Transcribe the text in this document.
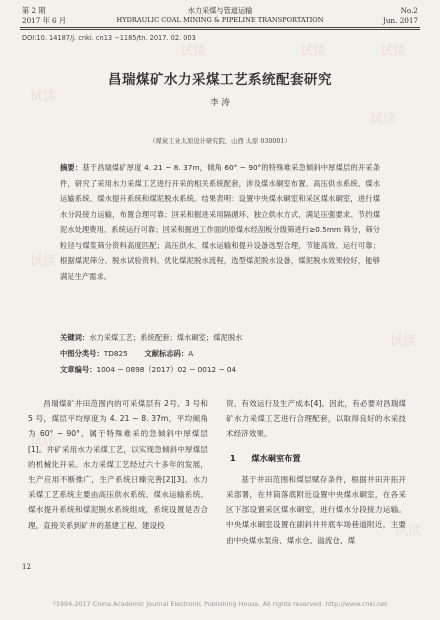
第 2 期
2017 年 6 月
水力采煤与管道运输
HYDRAULIC COAL MINING & PIPELINE TRANSPORTATION
No.2
Jun. 2017
DOI:10. 14187/j. cnki. cn13 −1185/tn. 2017. 02. 003
试读	试读	试读
试读
试读
试读
试读
试读
试读
昌瑞煤矿水力采煤工艺系统配套研究
李 涛
（煤炭工业太原设计研究院，山西 太原 030001）
摘要：基于昌瑞煤矿厚度 4. 21 ~ 8. 37m，倾角 60° ~ 90°的特殊难采急倾斜中厚煤层的开采条件，研究了采用水力采煤工艺进行开采的相关系统配套，涉及煤水硐室布置、高压供水系统、煤水运输系统、煤水提升系统和煤泥脱水系统。结果表明：设置中央煤水硐室和采区煤水硐室，进行煤水分段接力运输，布置合理可靠；回采和掘进采用隔循环、独立供水方式，满足压强要求、节约煤泥水处理费用、系统运行可靠；回采和掘进工作面的原煤水经刮板分级筛进行≥0.5mm 筛分，筛分粒径与煤浆筛分资料高度匹配；高压供水、煤水运输和提升设备选型合理，节能高效、运行可靠；根据煤泥筛分、脱水试验资料，优化煤泥脱水流程，选型煤泥脱水设备，煤泥脱水效果较好，能够满足生产需求。
关键词：水力采煤工艺；系统配套；煤水硐室；煤泥脱水
中图分类号：TD825 文献标志码：A
文章编号：1004 − 0898（2017）02 − 0012 − 04

昌瑞煤矿井田范围内的可采煤层有 2号、3 号和 5 号，煤层平均厚度为 4. 21 ~ 8. 37m，平均倾角为 60° ~ 90°，属于特殊难采的急倾斜中厚煤层[1]。井矿采用水力采煤工艺，以实现急倾斜中厚煤层的机械化开采。水力采煤工艺经过六十多年的发展，生产应用不断推广，生产系统日臻完善[2][3]。水力采煤工艺系统主要由高压供水系统、煤水运输系统、煤水提升系统和煤泥脱水系统组成，系统设置是否合理，直接关系到矿井的基建工程、建设投

资、有效运行及生产成本[4]。因此，有必要对昌瑞煤矿水力采煤工艺进行合理配套，以取得良好的水采技术经济效果。

1 煤水硐室布置

基于井田范围和煤层赋存条件，根据井田开拓开采部署，在井筒落底附近设置中央煤水硐室，在各采区下部设置采区煤水硐室，进行煤水分段接力运输。中央煤水硐室设置在副斜井井底车场巷道附近，主要由中央煤水泵房、煤水仓、溢流仓、煤

12
?1994-2017 China Academic Journal Electronic Publishing House. All rights reserved. http://www.cnki.net
